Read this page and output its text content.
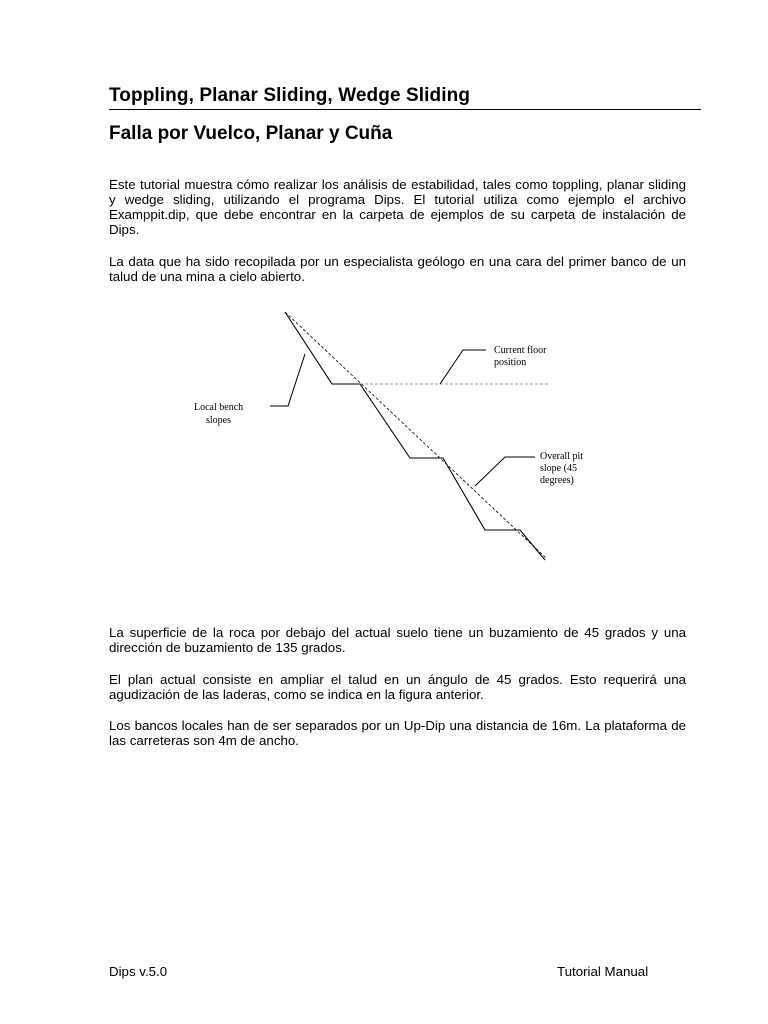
Toppling, Planar Sliding, Wedge Sliding
Falla por Vuelco, Planar y Cuña

Este tutorial muestra cómo realizar los análisis de estabilidad, tales como toppling, planar sliding y wedge sliding, utilizando el programa Dips. El tutorial utiliza como ejemplo el archivo Examppit.dip, que debe encontrar en la carpeta de ejemplos de su carpeta de instalación de Dips.

La data que ha sido recopilada por un especialista geólogo en una cara del primer banco de un talud de una mina a cielo abierto.

Current floor
position
Local bench
slopes
Overall pit
slope (45
degrees)

La superficie de la roca por debajo del actual suelo tiene un buzamiento de 45 grados y una dirección de buzamiento de 135 grados.

El plan actual consiste en ampliar el talud en un ángulo de 45 grados. Esto requerirá una agudización de las laderas, como se indica en la figura anterior.

Los bancos locales han de ser separados por un Up-Dip una distancia de 16m. La plataforma de las carreteras son 4m de ancho.

Dips v.5.0	Tutorial Manual
